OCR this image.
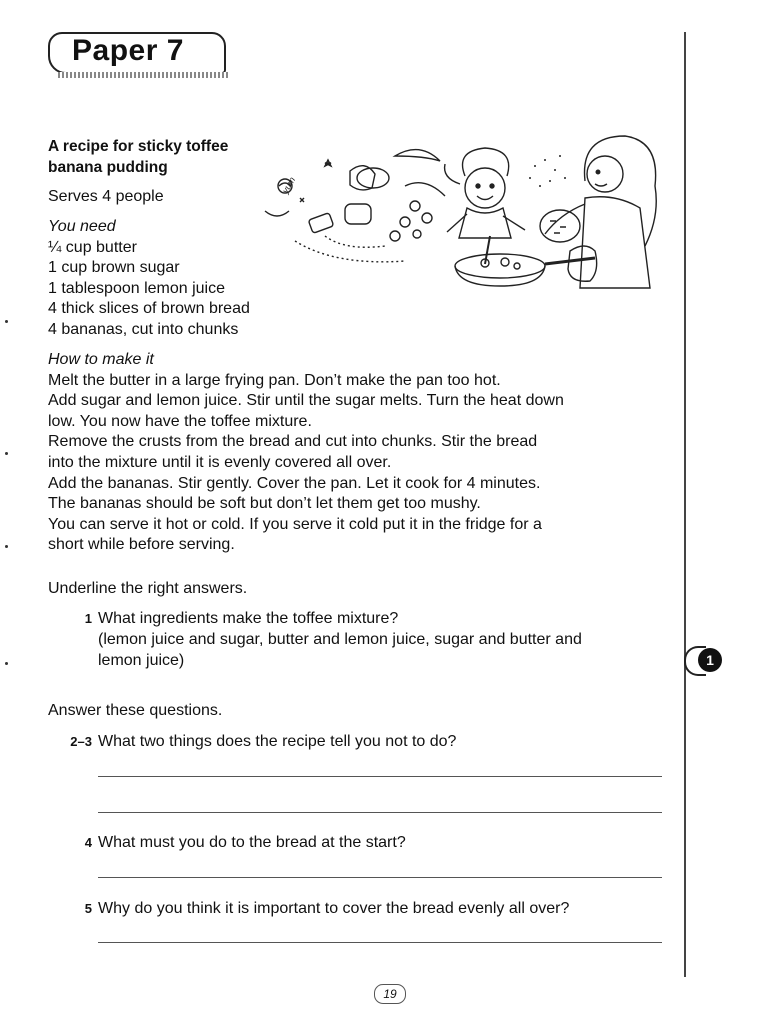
Paper 7
1
A recipe for sticky toffee
banana pudding
Serves 4 people
You need
¼ cup butter
1 cup brown sugar
1 tablespoon lemon juice
4 thick slices of brown bread
4 bananas, cut into chunks
How to make it
Melt the butter in a large frying pan. Don’t make the pan too hot.
Add sugar and lemon juice. Stir until the sugar melts. Turn the heat down
low. You now have the toffee mixture.
Remove the crusts from the bread and cut into chunks. Stir the bread
into the mixture until it is evenly covered all over.
Add the bananas. Stir gently. Cover the pan. Let it cook for 4 minutes.
The bananas should be soft but don’t let them get too mushy.
You can serve it hot or cold. If you serve it cold put it in the fridge for a
short while before serving.
yum
Underline the right answers.
1 What ingredients make the toffee mixture?
(lemon juice and sugar, butter and lemon juice, sugar and butter and
lemon juice)
Answer these questions.
2–3 What two things does the recipe tell you not to do?
4 What must you do to the bread at the start?
5 Why do you think it is important to cover the bread evenly all over?
19
